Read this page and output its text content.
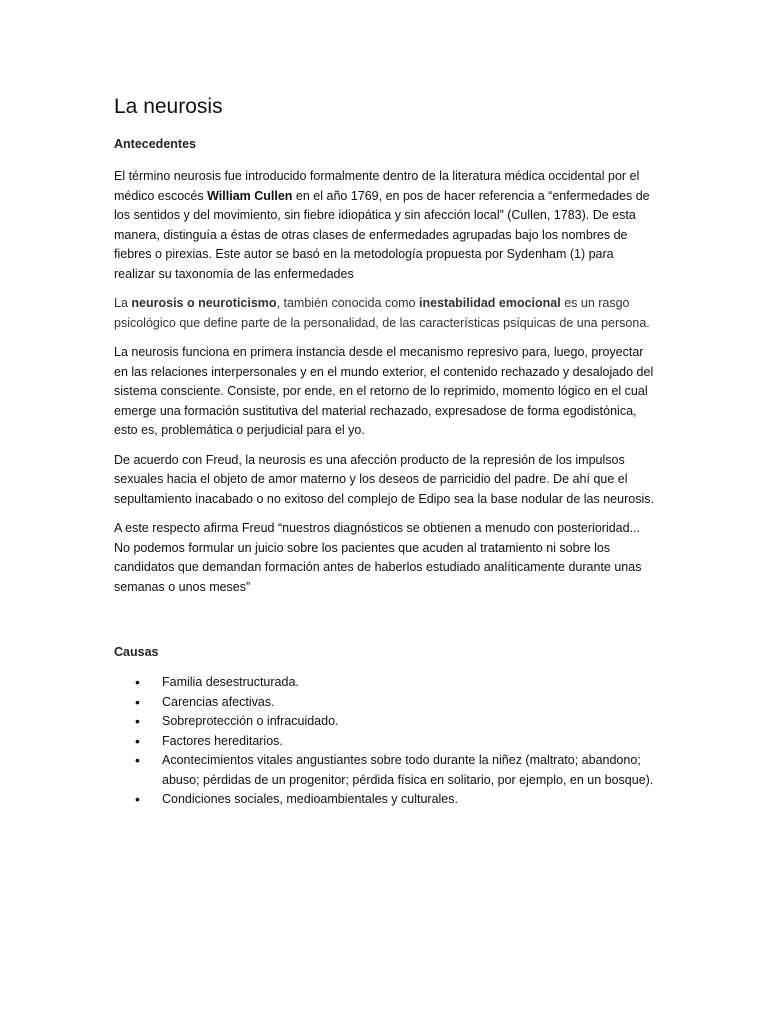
La neurosis
Antecedentes

El término neurosis fue introducido formalmente dentro de la literatura médica occidental por el médico escocés William Cullen en el año 1769, en pos de hacer referencia a “enfermedades de los sentidos y del movimiento, sin fiebre idiopática y sin afección local” (Cullen, 1783). De esta manera, distinguía a éstas de otras clases de enfermedades agrupadas bajo los nombres de fiebres o pirexias. Este autor se basó en la metodología propuesta por Sydenham (1) para realizar su taxonomía de las enfermedades

La neurosis o neuroticismo, también conocida como inestabilidad emocional es un rasgo psicológico que define parte de la personalidad, de las características psíquicas de una persona.

La neurosis funciona en primera instancia desde el mecanismo represivo para, luego, proyectar en las relaciones interpersonales y en el mundo exterior, el contenido rechazado y desalojado del sistema consciente. Consiste, por ende, en el retorno de lo reprimido, momento lógico en el cual emerge una formación sustitutiva del material rechazado, expresadose de forma egodistónica, esto es, problemática o perjudicial para el yo.

De acuerdo con Freud, la neurosis es una afección producto de la represión de los impulsos sexuales hacia el objeto de amor materno y los deseos de parricidio del padre. De ahí que el sepultamiento inacabado o no exitoso del complejo de Edipo sea la base nodular de las neurosis.

A este respecto afirma Freud “nuestros diagnósticos se obtienen a menudo con posterioridad... No podemos formular un juicio sobre los pacientes que acuden al tratamiento ni sobre los candidatos que demandan formación antes de haberlos estudiado analíticamente durante unas semanas o unos meses”

Causas
• Familia desestructurada.
• Carencias afectivas.
• Sobreprotección o infracuidado.
• Factores hereditarios.
• Acontecimientos vitales angustiantes sobre todo durante la niñez (maltrato; abandono; abuso; pérdidas de un progenitor; pérdida física en solitario, por ejemplo, en un bosque).
• Condiciones sociales, medioambientales y culturales.
